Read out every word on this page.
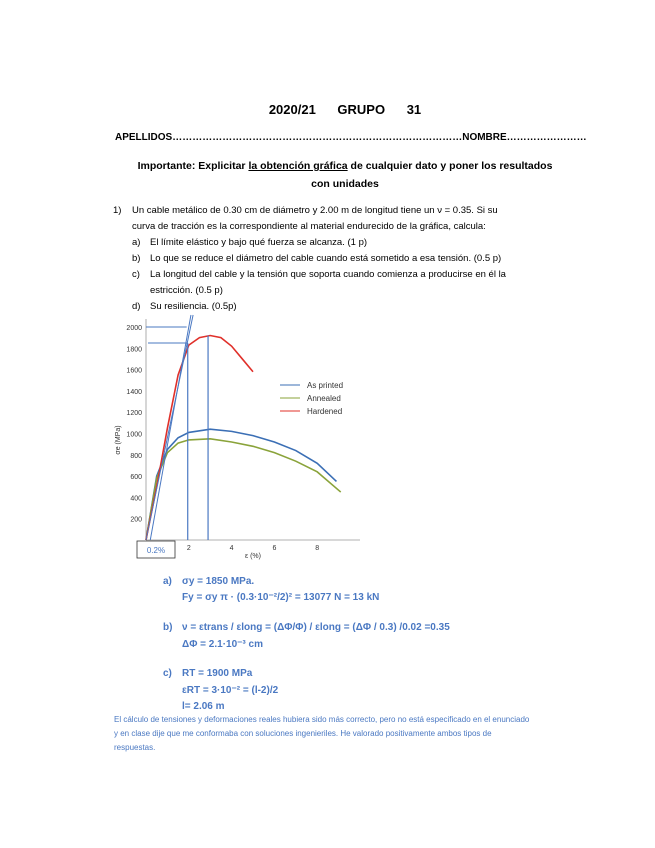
2020/21 GRUPO 31
APELLIDOS……………………………………………………………………………NOMBRE……………………
Importante: Explicitar la obtención gráfica de cualquier dato y poner los resultados
con unidades
1) Un cable metálico de 0.30 cm de diámetro y 2.00 m de longitud tiene un ν = 0.35. Si su
curva de tracción es la correspondiente al material endurecido de la gráfica, calcula:
a) El límite elástico y bajo qué fuerza se alcanza. (1 p)
b) Lo que se reduce el diámetro del cable cuando está sometido a esa tensión. (0.5 p)
c) La longitud del cable y la tensión que soporta cuando comienza a producirse en él la
estricción. (0.5 p)
d) Su resiliencia. (0.5p)
200
400
600
800
1000
1200
1400
1600
1800
2000
2	4	6	8
ε (%)
σe (MPa)
As printed
Annealed
Hardened
0.2%
a) σy = 1850 MPa.
Fy = σy π · (0.3·10⁻²/2)² = 13077 N = 13 kN
b) ν = εtrans / εlong = (ΔΦ/Φ) / εlong = (ΔΦ / 0.3) /0.02 =0.35
ΔΦ = 2.1·10⁻³ cm
c) RT = 1900 MPa
εRT = 3·10⁻² = (l-2)/2
l= 2.06 m
El cálculo de tensiones y deformaciones reales hubiera sido más correcto, pero no está especificado en el enunciado
y en clase dije que me conformaba con soluciones ingenieriles. He valorado positivamente ambos tipos de
respuestas.
